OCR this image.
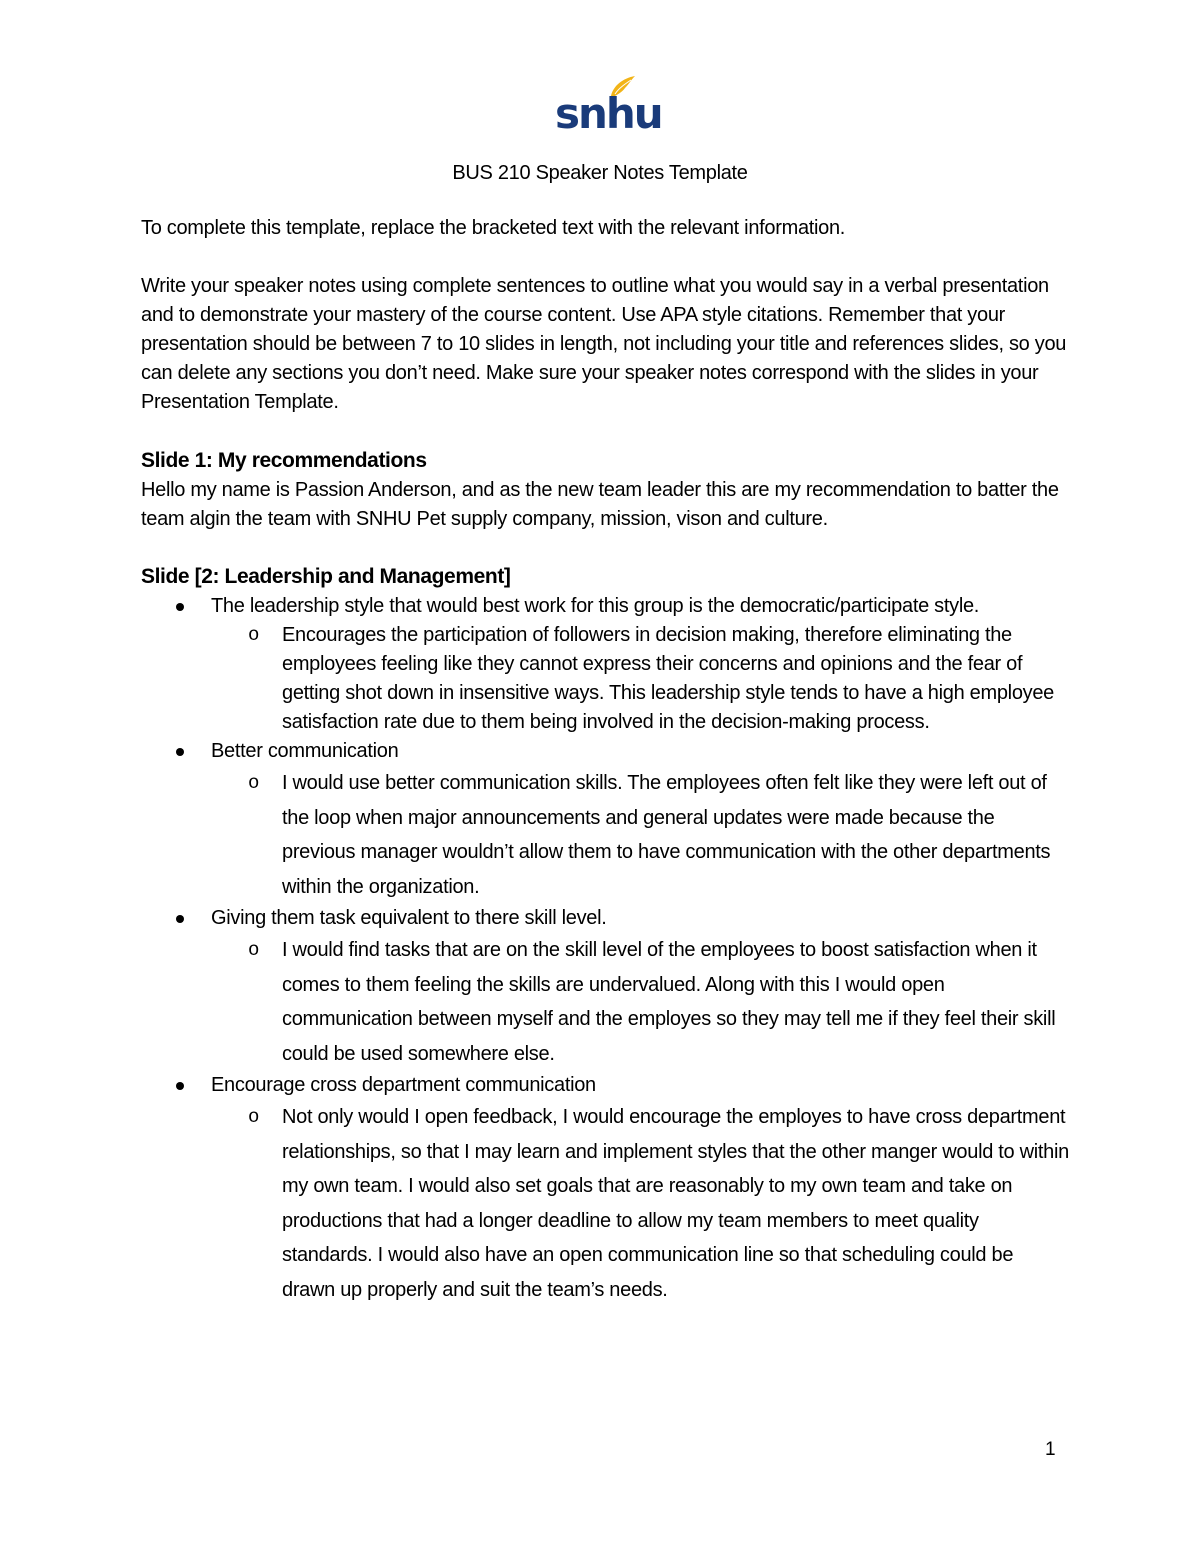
snhu
BUS 210 Speaker Notes Template

To complete this template, replace the bracketed text with the relevant information.

Write your speaker notes using complete sentences to outline what you would say in a verbal presentation and to demonstrate your mastery of the course content. Use APA style citations. Remember that your presentation should be between 7 to 10 slides in length, not including your title and references slides, so you can delete any sections you don’t need. Make sure your speaker notes correspond with the slides in your Presentation Template.

Slide 1: My recommendations

Hello my name is Passion Anderson, and as the new team leader this are my recommendation to batter the team algin the team with SNHU Pet supply company, mission, vison and culture.

Slide [2: Leadership and Management]
The leadership style that would best work for this group is the democratic/participate style.
o Encourages the participation of followers in decision making, therefore eliminating the employees feeling like they cannot express their concerns and opinions and the fear of getting shot down in insensitive ways. This leadership style tends to have a high employee satisfaction rate due to them being involved in the decision-making process.
Better communication
o I would use better communication skills. The employees often felt like they were left out of the loop when major announcements and general updates were made because the previous manager wouldn’t allow them to have communication with the other departments within the organization.
Giving them task equivalent to there skill level.
o I would find tasks that are on the skill level of the employees to boost satisfaction when it comes to them feeling the skills are undervalued. Along with this I would open communication between myself and the employes so they may tell me if they feel their skill could be used somewhere else.
Encourage cross department communication
o Not only would I open feedback, I would encourage the employes to have cross department relationships, so that I may learn and implement styles that the other manger would to within my own team. I would also set goals that are reasonably to my own team and take on productions that had a longer deadline to allow my team members to meet quality standards. I would also have an open communication line so that scheduling could be drawn up properly and suit the team’s needs.
1
